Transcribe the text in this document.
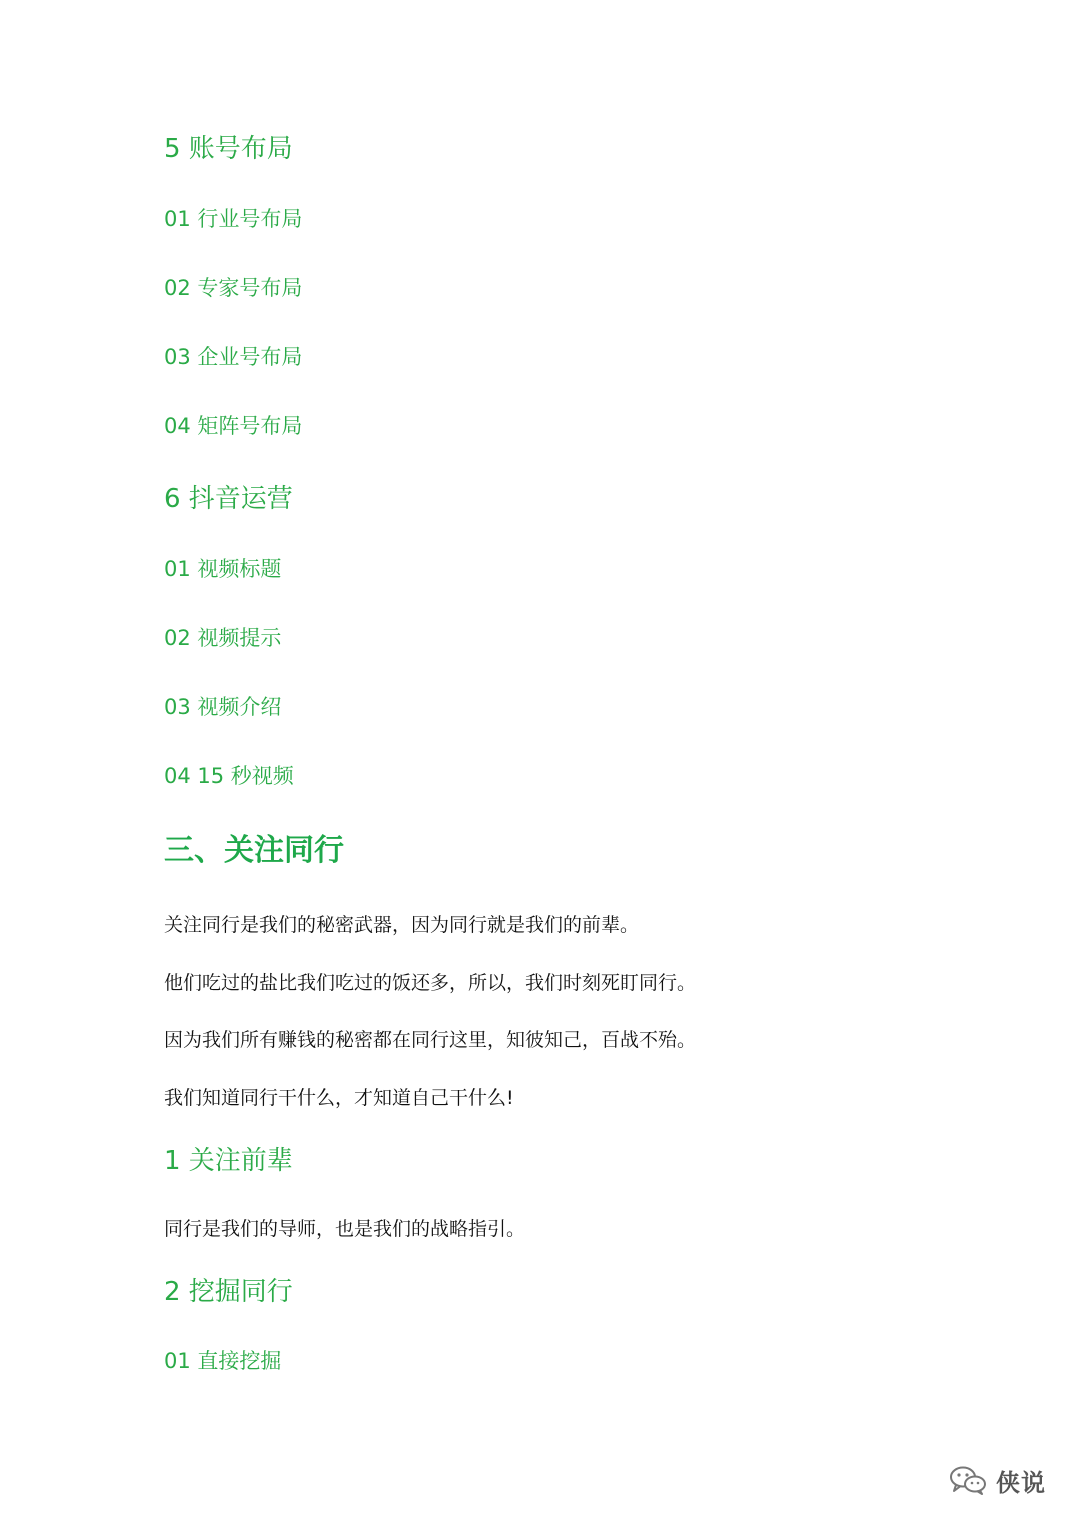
5 账号布局
01 行业号布局
02 专家号布局
03 企业号布局
04 矩阵号布局
6 抖音运营
01 视频标题
02 视频提示
03 视频介绍
04 15 秒视频
三、关注同行
关注同行是我们的秘密武器，因为同行就是我们的前辈。
他们吃过的盐比我们吃过的饭还多，所以，我们时刻死盯同行。
因为我们所有赚钱的秘密都在同行这里，知彼知己，百战不殆。
我们知道同行干什么，才知道自己干什么!
1 关注前辈
同行是我们的导师，也是我们的战略指引。
2 挖掘同行
01 直接挖掘
侠说
